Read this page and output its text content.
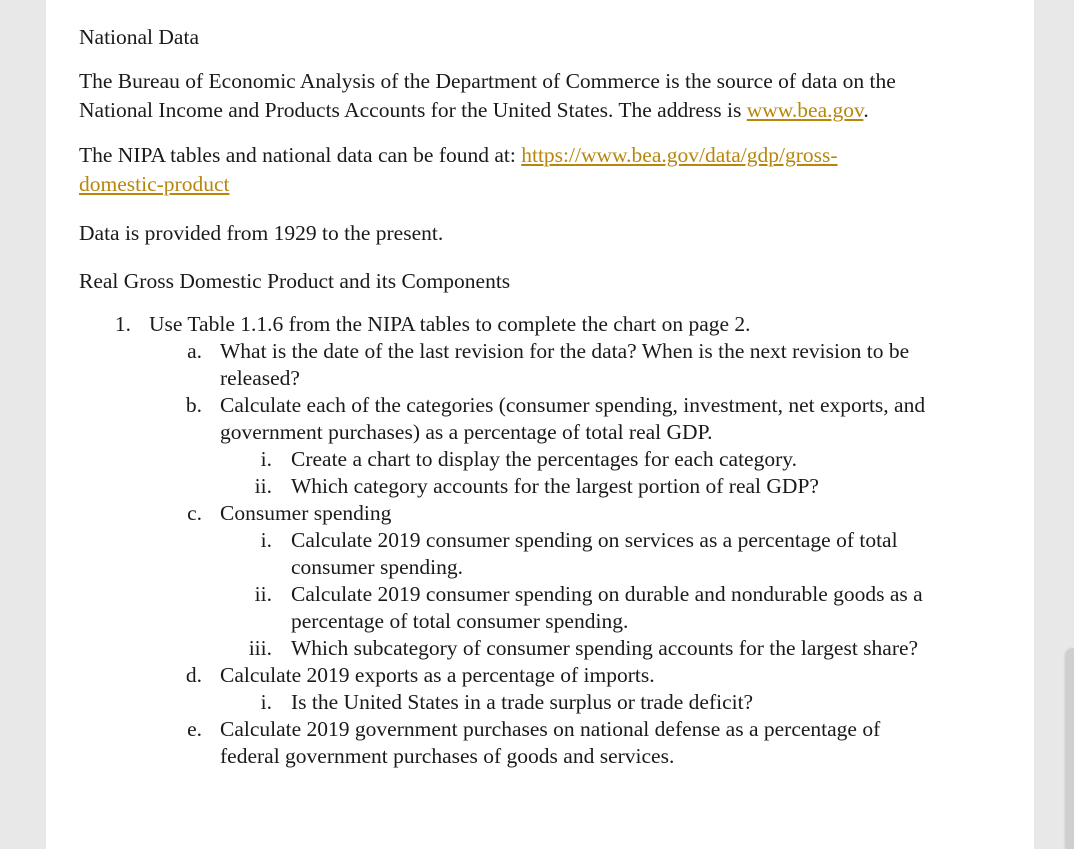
National Data

The Bureau of Economic Analysis of the Department of Commerce is the source of data on the

National Income and Products Accounts for the United States. The address is www.bea.gov.

The NIPA tables and national data can be found at: https://www.bea.gov/data/gdp/gross-

domestic-product

Data is provided from 1929 to the present.

Real Gross Domestic Product and its Components

1. Use Table 1.1.6 from the NIPA tables to complete the chart on page 2.
a. What is the date of the last revision for the data? When is the next revision to be
released?
b. Calculate each of the categories (consumer spending, investment, net exports, and
government purchases) as a percentage of total real GDP.
i. Create a chart to display the percentages for each category.
ii. Which category accounts for the largest portion of real GDP?
c. Consumer spending
i. Calculate 2019 consumer spending on services as a percentage of total
consumer spending.
ii. Calculate 2019 consumer spending on durable and nondurable goods as a
percentage of total consumer spending.
iii. Which subcategory of consumer spending accounts for the largest share?
d. Calculate 2019 exports as a percentage of imports.
i. Is the United States in a trade surplus or trade deficit?
e. Calculate 2019 government purchases on national defense as a percentage of
federal government purchases of goods and services.
